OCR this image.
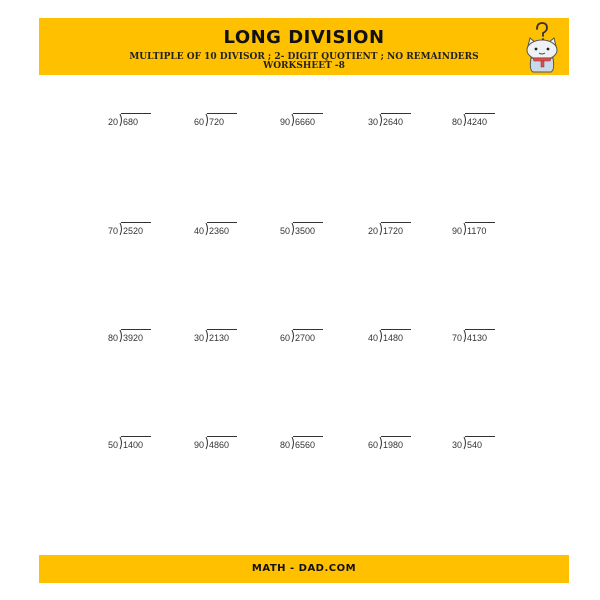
LONG DIVISION
MULTIPLE OF 10 DIVISOR ; 2- DIGIT QUOTIENT ; NO REMAINDERS
WORKSHEET -8
20 680	60 720	90 6660	30 2640	80 4240
70 2520	40 2360	50 3500	20 1720	90 1170
80 3920	30 2130	60 2700	40 1480	70 4130
50 1400	90 4860	80 6560	60 1980	30 540
MATH - DAD.COM
